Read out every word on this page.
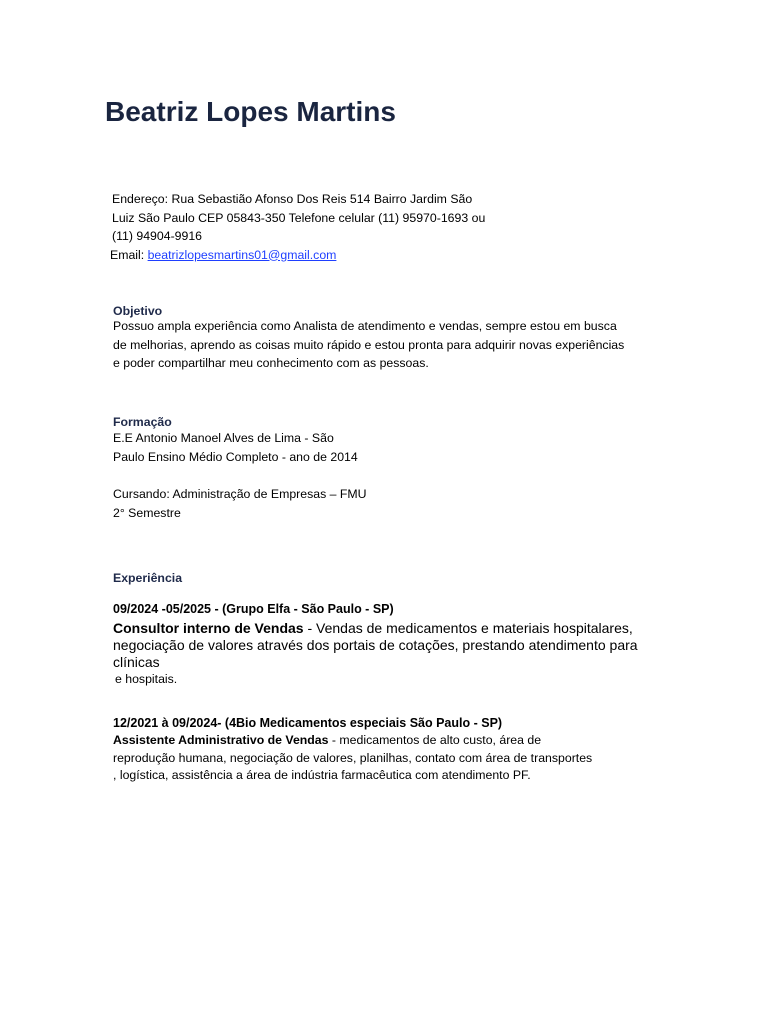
Beatriz Lopes Martins
Endereço: Rua Sebastião Afonso Dos Reis 514 Bairro Jardim São
Luiz São Paulo CEP 05843-350 Telefone celular (11) 95970-1693 ou
(11) 94904-9916
Email: beatrizlopesmartins01@gmail.com
Objetivo
Possuo ampla experiência como Analista de atendimento e vendas, sempre estou em busca
de melhorias, aprendo as coisas muito rápido e estou pronta para adquirir novas experiências
e poder compartilhar meu conhecimento com as pessoas.
Formação
E.E Antonio Manoel Alves de Lima - São
Paulo Ensino Médio Completo - ano de 2014
Cursando: Administração de Empresas – FMU
2° Semestre
Experiência
09/2024 -05/2025 - (Grupo Elfa - São Paulo - SP)
Consultor interno de Vendas - Vendas de medicamentos e materiais hospitalares,
negociação de valores através dos portais de cotações, prestando atendimento para
clínicas
e hospitais.
12/2021 à 09/2024- (4Bio Medicamentos especiais São Paulo - SP)
Assistente Administrativo de Vendas - medicamentos de alto custo, área de
reprodução humana, negociação de valores, planilhas, contato com área de transportes
, logística, assistência a área de indústria farmacêutica com atendimento PF.
